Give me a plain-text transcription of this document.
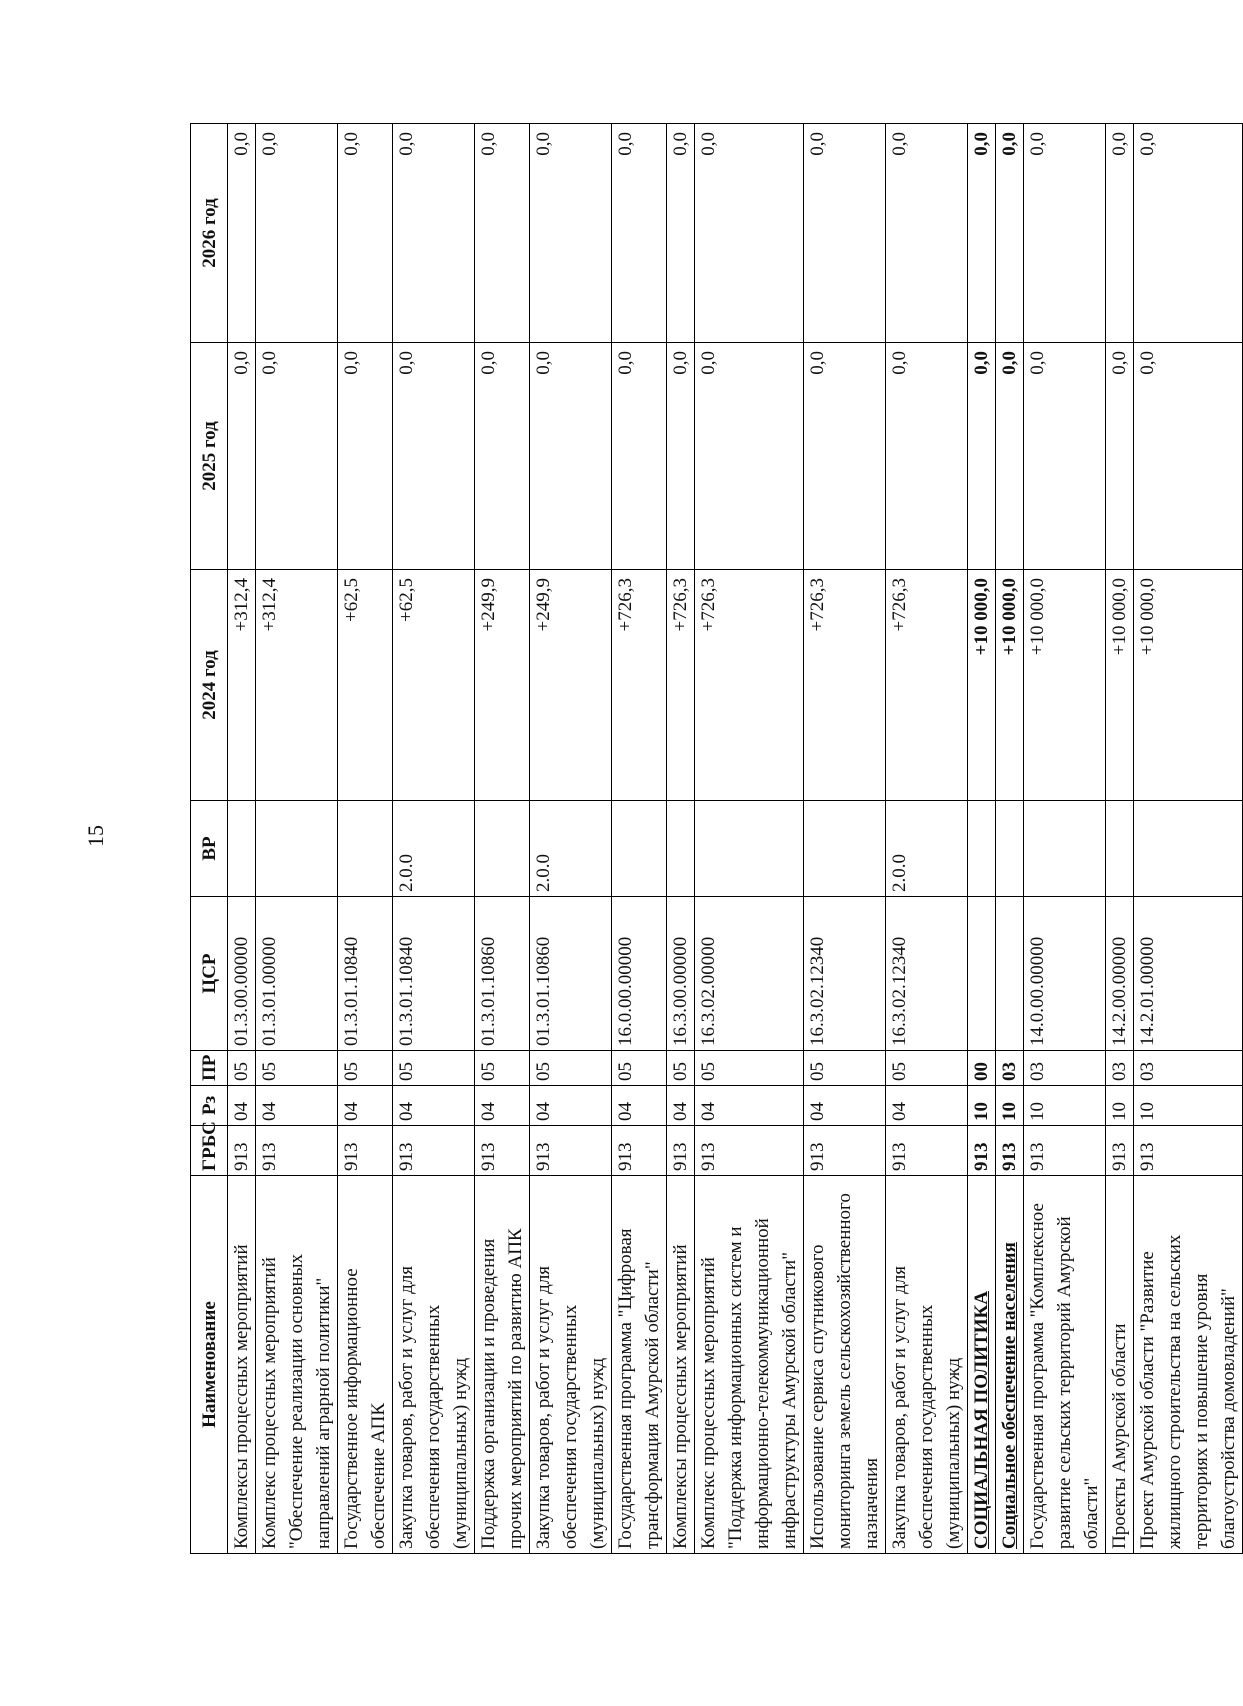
15
Наименование	ГРБС	Рз	ПР	ЦСР	ВР	2024 год	2025 год	2026 год
Комплексы процессных мероприятий	913	04	05	01.3.00.00000		+312,4	0,0	0,0
Комплекс процессных мероприятий "Обеспечение реализации основных направлений аграрной политики"	913	04	05	01.3.01.00000		+312,4	0,0	0,0
Государственное информационное обеспечение АПК	913	04	05	01.3.01.10840		+62,5	0,0	0,0
Закупка товаров, работ и услуг для обеспечения государственных (муниципальных) нужд	913	04	05	01.3.01.10840	2.0.0	+62,5	0,0	0,0
Поддержка организации и проведения прочих мероприятий по развитию АПК	913	04	05	01.3.01.10860		+249,9	0,0	0,0
Закупка товаров, работ и услуг для обеспечения государственных (муниципальных) нужд	913	04	05	01.3.01.10860	2.0.0	+249,9	0,0	0,0
Государственная программа "Цифровая трансформация Амурской области"	913	04	05	16.0.00.00000		+726,3	0,0	0,0
Комплексы процессных мероприятий	913	04	05	16.3.00.00000		+726,3	0,0	0,0
Комплекс процессных мероприятий "Поддержка информационных систем и информационно-телекоммуникационной инфраструктуры Амурской области"	913	04	05	16.3.02.00000		+726,3	0,0	0,0
Использование сервиса спутникового мониторинга земель сельскохозяйственного назначения	913	04	05	16.3.02.12340		+726,3	0,0	0,0
Закупка товаров, работ и услуг для обеспечения государственных (муниципальных) нужд	913	04	05	16.3.02.12340	2.0.0	+726,3	0,0	0,0
СОЦИАЛЬНАЯ ПОЛИТИКА	913	10	00			+10 000,0	0,0	0,0
Социальное обеспечение населения	913	10	03			+10 000,0	0,0	0,0
Государственная программа "Комплексное развитие сельских территорий Амурской области"	913	10	03	14.0.00.00000		+10 000,0	0,0	0,0
Проекты Амурской области	913	10	03	14.2.00.00000		+10 000,0	0,0	0,0
Проект Амурской области "Развитие жилищного строительства на сельских территориях и повышение уровня благоустройства домовладений"	913	10	03	14.2.01.00000		+10 000,0	0,0	0,0
